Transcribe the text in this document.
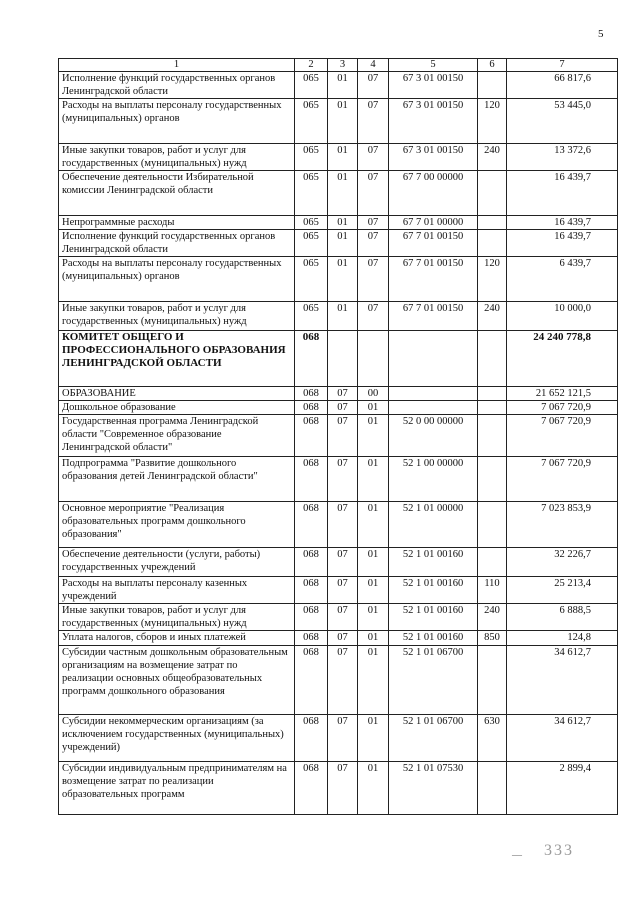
5
1	2	3	4	5	6	7
Исполнение функций государственных органов Ленинградской области	065	01	07	67 3 01 00150		66 817,6
Расходы на выплаты персоналу государственных (муниципальных) органов	065	01	07	67 3 01 00150	120	53 445,0
Иные закупки товаров, работ и услуг для государственных (муниципальных) нужд	065	01	07	67 3 01 00150	240	13 372,6
Обеспечение деятельности Избирательной комиссии Ленинградской области	065	01	07	67 7 00 00000		16 439,7
Непрограммные расходы	065	01	07	67 7 01 00000		16 439,7
Исполнение функций государственных органов Ленинградской области	065	01	07	67 7 01 00150		16 439,7
Расходы на выплаты персоналу государственных (муниципальных) органов	065	01	07	67 7 01 00150	120	6 439,7
Иные закупки товаров, работ и услуг для государственных (муниципальных) нужд	065	01	07	67 7 01 00150	240	10 000,0
КОМИТЕТ ОБЩЕГО И ПРОФЕССИОНАЛЬНОГО ОБРАЗОВАНИЯ ЛЕНИНГРАДСКОЙ ОБЛАСТИ	068					24 240 778,8
ОБРАЗОВАНИЕ	068	07	00			21 652 121,5
Дошкольное образование	068	07	01			7 067 720,9
Государственная программа Ленинградской области "Современное образование Ленинградской области"	068	07	01	52 0 00 00000		7 067 720,9
Подпрограмма "Развитие дошкольного образования детей Ленинградской области"	068	07	01	52 1 00 00000		7 067 720,9
Основное мероприятие "Реализация образовательных программ дошкольного образования"	068	07	01	52 1 01 00000		7 023 853,9
Обеспечение деятельности (услуги, работы) государственных учреждений	068	07	01	52 1 01 00160		32 226,7
Расходы на выплаты персоналу казенных учреждений	068	07	01	52 1 01 00160	110	25 213,4
Иные закупки товаров, работ и услуг для государственных (муниципальных) нужд	068	07	01	52 1 01 00160	240	6 888,5
Уплата налогов, сборов и иных платежей	068	07	01	52 1 01 00160	850	124,8
Субсидии частным дошкольным образовательным организациям на возмещение затрат по реализации основных общеобразовательных программ дошкольного образования	068	07	01	52 1 01 06700		34 612,7
Субсидии некоммерческим организациям (за исключением государственных (муниципальных) учреждений)	068	07	01	52 1 01 06700	630	34 612,7
Субсидии индивидуальным предпринимателям на возмещение затрат по реализации образовательных программ	068	07	01	52 1 01 07530		2 899,4
— 333
